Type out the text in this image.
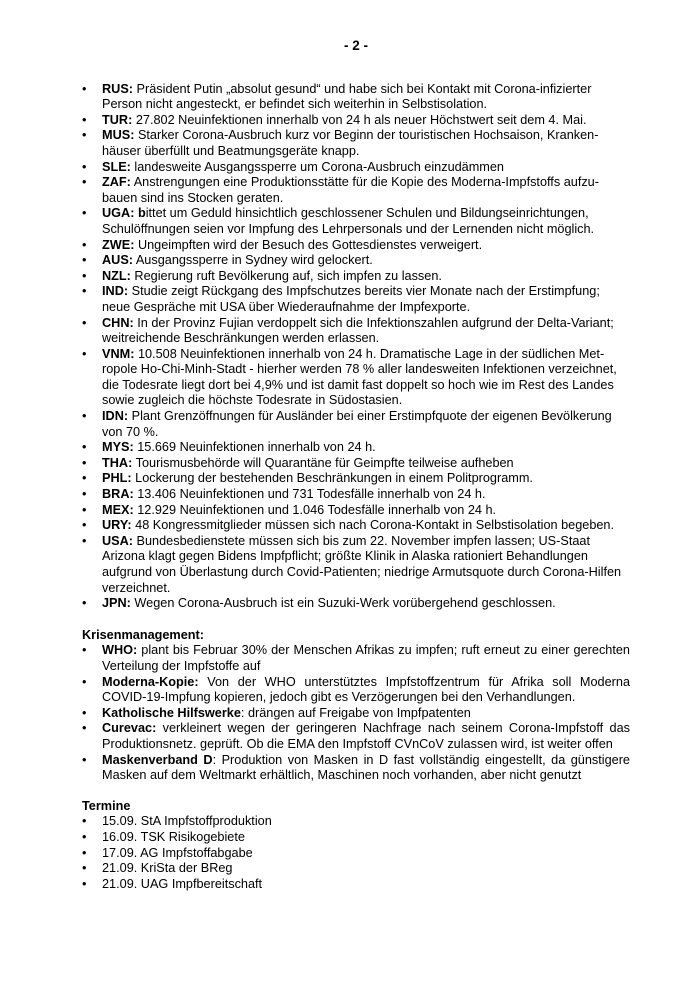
- 2 -
•	RUS: Präsident Putin „absolut gesund“ und habe sich bei Kontakt mit Corona-infizierter Person nicht angesteckt, er befindet sich weiterhin in Selbstisolation.
•	TUR: 27.802 Neuinfektionen innerhalb von 24 h als neuer Höchstwert seit dem 4. Mai.
•	MUS: Starker Corona-Ausbruch kurz vor Beginn der touristischen Hochsaison, Krankenhäuser überfüllt und Beatmungsgeräte knapp.
•	SLE: landesweite Ausgangssperre um Corona-Ausbruch einzudämmen
•	ZAF: Anstrengungen eine Produktionsstätte für die Kopie des Moderna-Impfstoffs aufzubauen sind ins Stocken geraten.
•	UGA: bittet um Geduld hinsichtlich geschlossener Schulen und Bildungseinrichtungen, Schulöffnungen seien vor Impfung des Lehrpersonals und der Lernenden nicht möglich.
•	ZWE: Ungeimpften wird der Besuch des Gottesdienstes verweigert.
•	AUS: Ausgangssperre in Sydney wird gelockert.
•	NZL: Regierung ruft Bevölkerung auf, sich impfen zu lassen.
•	IND: Studie zeigt Rückgang des Impfschutzes bereits vier Monate nach der Erstimpfung; neue Gespräche mit USA über Wiederaufnahme der Impfexporte.
•	CHN: In der Provinz Fujian verdoppelt sich die Infektionszahlen aufgrund der Delta-Variant; weitreichende Beschränkungen werden erlassen.
•	VNM: 10.508 Neuinfektionen innerhalb von 24 h. Dramatische Lage in der südlichen Metropole Ho-Chi-Minh-Stadt - hierher werden 78 % aller landesweiten Infektionen verzeichnet, die Todesrate liegt dort bei 4,9% und ist damit fast doppelt so hoch wie im Rest des Landes sowie zugleich die höchste Todesrate in Südostasien.
•	IDN: Plant Grenzöffnungen für Ausländer bei einer Erstimpfquote der eigenen Bevölkerung von 70 %.
•	MYS: 15.669 Neuinfektionen innerhalb von 24 h.
•	THA: Tourismusbehörde will Quarantäne für Geimpfte teilweise aufheben
•	PHL: Lockerung der bestehenden Beschränkungen in einem Politprogramm.
•	BRA: 13.406 Neuinfektionen und 731 Todesfälle innerhalb von 24 h.
•	MEX: 12.929 Neuinfektionen und 1.046 Todesfälle innerhalb von 24 h.
•	URY: 48 Kongressmitglieder müssen sich nach Corona-Kontakt in Selbstisolation begeben.
•	USA: Bundesbedienstete müssen sich bis zum 22. November impfen lassen; US-Staat Arizona klagt gegen Bidens Impfpflicht; größte Klinik in Alaska rationiert Behandlungen aufgrund von Überlastung durch Covid-Patienten; niedrige Armutsquote durch Corona-Hilfen verzeichnet.
•	JPN: Wegen Corona-Ausbruch ist ein Suzuki-Werk vorübergehend geschlossen.
Krisenmanagement:
•	WHO: plant bis Februar 30% der Menschen Afrikas zu impfen; ruft erneut zu einer gerechten Verteilung der Impfstoffe auf
•	Moderna-Kopie: Von der WHO unterstütztes Impfstoffzentrum für Afrika soll Moderna COVID-19-Impfung kopieren, jedoch gibt es Verzögerungen bei den Verhandlungen.
•	Katholische Hilfswerke: drängen auf Freigabe von Impfpatenten
•	Curevac: verkleinert wegen der geringeren Nachfrage nach seinem Corona-Impfstoff das Produktionsnetz. geprüft. Ob die EMA den Impfstoff CVnCoV zulassen wird, ist weiter offen
•	Maskenverband D: Produktion von Masken in D fast vollständig eingestellt, da günstigere Masken auf dem Weltmarkt erhältlich, Maschinen noch vorhanden, aber nicht genutzt
Termine
•	15.09. StA Impfstoffproduktion
•	16.09. TSK Risikogebiete
•	17.09. AG Impfstoffabgabe
•	21.09. KriSta der BReg
•	21.09. UAG Impfbereitschaft
